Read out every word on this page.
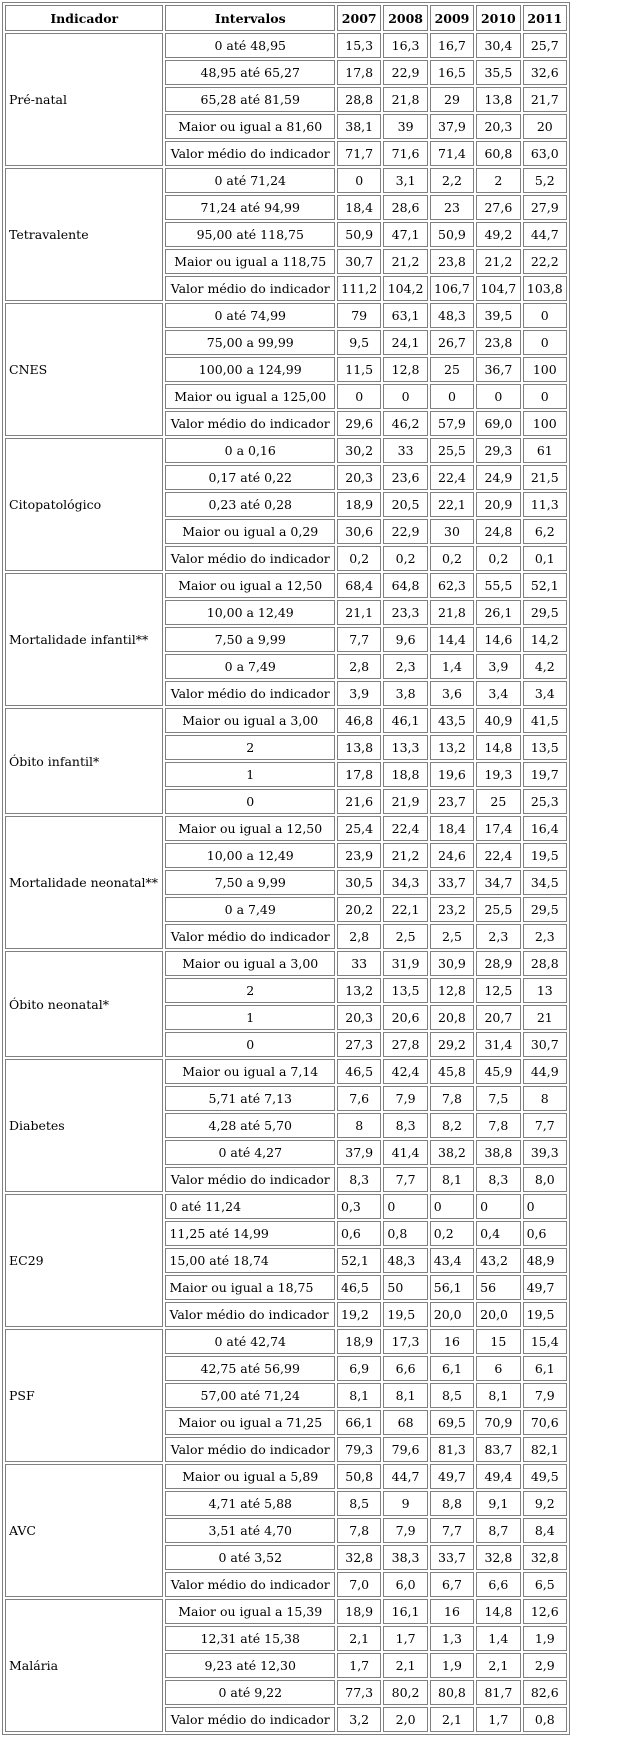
Indicador	Intervalos	2007	2008	2009	2010	2011
Pré-natal	0 até 48,95	15,3	16,3	16,7	30,4	25,7
	48,95 até 65,27	17,8	22,9	16,5	35,5	32,6
	65,28 até 81,59	28,8	21,8	29	13,8	21,7
	Maior ou igual a 81,60	38,1	39	37,9	20,3	20
	Valor médio do indicador	71,7	71,6	71,4	60,8	63,0
Tetravalente	0 até 71,24	0	3,1	2,2	2	5,2
	71,24 até 94,99	18,4	28,6	23	27,6	27,9
	95,00 até 118,75	50,9	47,1	50,9	49,2	44,7
	Maior ou igual a 118,75	30,7	21,2	23,8	21,2	22,2
	Valor médio do indicador	111,2	104,2	106,7	104,7	103,8
CNES	0 até 74,99	79	63,1	48,3	39,5	0
	75,00 a 99,99	9,5	24,1	26,7	23,8	0
	100,00 a 124,99	11,5	12,8	25	36,7	100
	Maior ou igual a 125,00	0	0	0	0	0
	Valor médio do indicador	29,6	46,2	57,9	69,0	100
Citopatológico	0 a 0,16	30,2	33	25,5	29,3	61
	0,17 até 0,22	20,3	23,6	22,4	24,9	21,5
	0,23 até 0,28	18,9	20,5	22,1	20,9	11,3
	Maior ou igual a 0,29	30,6	22,9	30	24,8	6,2
	Valor médio do indicador	0,2	0,2	0,2	0,2	0,1
Mortalidade infantil**	Maior ou igual a 12,50	68,4	64,8	62,3	55,5	52,1
	10,00 a 12,49	21,1	23,3	21,8	26,1	29,5
	7,50 a 9,99	7,7	9,6	14,4	14,6	14,2
	0 a 7,49	2,8	2,3	1,4	3,9	4,2
	Valor médio do indicador	3,9	3,8	3,6	3,4	3,4
Óbito infantil*	Maior ou igual a 3,00	46,8	46,1	43,5	40,9	41,5
	2	13,8	13,3	13,2	14,8	13,5
	1	17,8	18,8	19,6	19,3	19,7
	0	21,6	21,9	23,7	25	25,3
Mortalidade neonatal**	Maior ou igual a 12,50	25,4	22,4	18,4	17,4	16,4
	10,00 a 12,49	23,9	21,2	24,6	22,4	19,5
	7,50 a 9,99	30,5	34,3	33,7	34,7	34,5
	0 a 7,49	20,2	22,1	23,2	25,5	29,5
	Valor médio do indicador	2,8	2,5	2,5	2,3	2,3
Óbito neonatal*	Maior ou igual a 3,00	33	31,9	30,9	28,9	28,8
	2	13,2	13,5	12,8	12,5	13
	1	20,3	20,6	20,8	20,7	21
	0	27,3	27,8	29,2	31,4	30,7
Diabetes	Maior ou igual a 7,14	46,5	42,4	45,8	45,9	44,9
	5,71 até 7,13	7,6	7,9	7,8	7,5	8
	4,28 até 5,70	8	8,3	8,2	7,8	7,7
	0 até 4,27	37,9	41,4	38,2	38,8	39,3
	Valor médio do indicador	8,3	7,7	8,1	8,3	8,0
EC29	0 até 11,24	0,3	0	0	0	0
	11,25 até 14,99	0,6	0,8	0,2	0,4	0,6
	15,00 até 18,74	52,1	48,3	43,4	43,2	48,9
	Maior ou igual a 18,75	46,5	50	56,1	56	49,7
	Valor médio do indicador	19,2	19,5	20,0	20,0	19,5
PSF	0 até 42,74	18,9	17,3	16	15	15,4
	42,75 até 56,99	6,9	6,6	6,1	6	6,1
	57,00 até 71,24	8,1	8,1	8,5	8,1	7,9
	Maior ou igual a 71,25	66,1	68	69,5	70,9	70,6
	Valor médio do indicador	79,3	79,6	81,3	83,7	82,1
AVC	Maior ou igual a 5,89	50,8	44,7	49,7	49,4	49,5
	4,71 até 5,88	8,5	9	8,8	9,1	9,2
	3,51 até 4,70	7,8	7,9	7,7	8,7	8,4
	0 até 3,52	32,8	38,3	33,7	32,8	32,8
	Valor médio do indicador	7,0	6,0	6,7	6,6	6,5
Malária	Maior ou igual a 15,39	18,9	16,1	16	14,8	12,6
	12,31 até 15,38	2,1	1,7	1,3	1,4	1,9
	9,23 até 12,30	1,7	2,1	1,9	2,1	2,9
	0 até 9,22	77,3	80,2	80,8	81,7	82,6
	Valor médio do indicador	3,2	2,0	2,1	1,7	0,8
